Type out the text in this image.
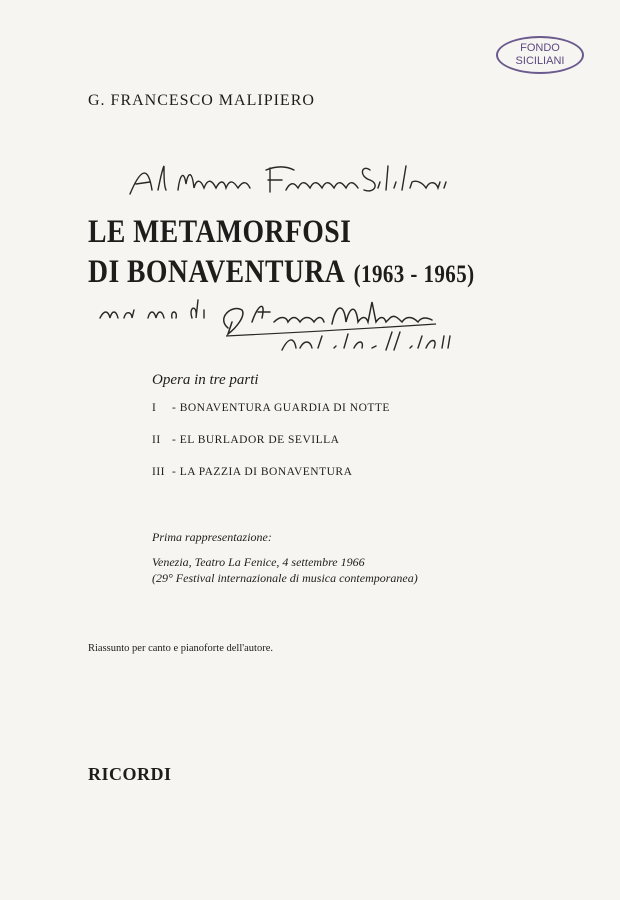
FONDO
SICILIANI
G. FRANCESCO MALIPIERO
LE METAMORFOSI
DI BONAVENTURA (1963 - 1965)
Opera in tre parti
I - BONAVENTURA GUARDIA DI NOTTE
II - EL BURLADOR DE SEVILLA
III - LA PAZZIA DI BONAVENTURA
Prima rappresentazione:
Venezia, Teatro La Fenice, 4 settembre 1966
(29° Festival internazionale di musica contemporanea)
Riassunto per canto e pianoforte dell'autore.
RICORDI
